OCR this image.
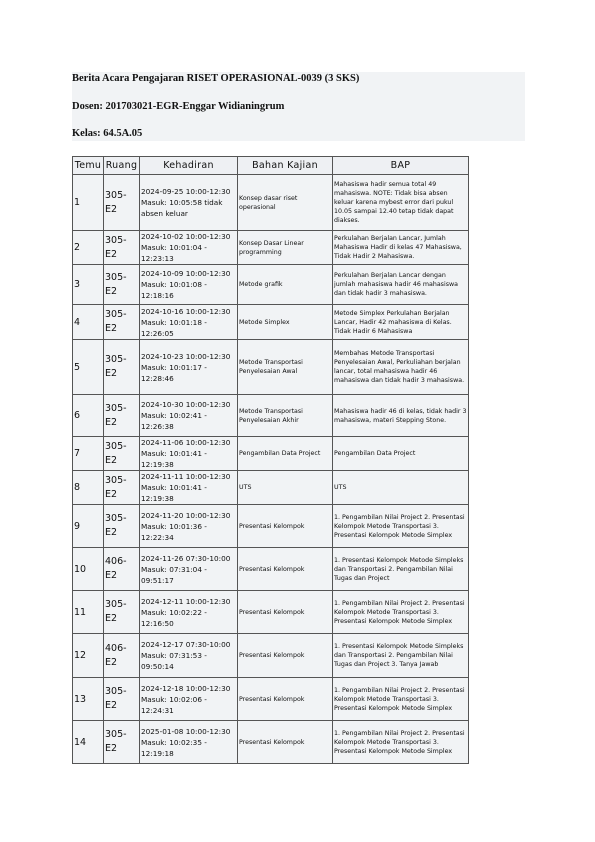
Berita Acara Pengajaran RISET OPERASIONAL-0039 (3 SKS)
Dosen: 201703021-EGR-Enggar Widianingrum
Kelas: 64.5A.05
Temu	Ruang	Kehadiran	Bahan Kajian	BAP
1	305-E2	2024-09-25 10:00-12:30 Masuk: 10:05:58 tidak absen keluar	Konsep dasar riset operasional	Mahasiswa hadir semua total 49 mahasiswa. NOTE: Tidak bisa absen keluar karena mybest error dari pukul 10.05 sampai 12.40 tetap tidak dapat diakses.
2	305-E2	2024-10-02 10:00-12:30 Masuk: 10:01:04 - 12:23:13	Konsep Dasar Linear programming	Perkulahan Berjalan Lancar, Jumlah Mahasiswa Hadir di kelas 47 Mahasiswa, Tidak Hadir 2 Mahasiswa.
3	305-E2	2024-10-09 10:00-12:30 Masuk: 10:01:08 - 12:18:16	Metode grafik	Perkulahan Berjalan Lancar dengan jumlah mahasiswa hadir 46 mahasiswa dan tidak hadir 3 mahasiswa.
4	305-E2	2024-10-16 10:00-12:30 Masuk: 10:01:18 - 12:26:05	Metode Simplex	Metode Simplex Perkulahan Berjalan Lancar, Hadir 42 mahasiswa di Kelas. Tidak Hadir 6 Mahasiswa
5	305-E2	2024-10-23 10:00-12:30 Masuk: 10:01:17 - 12:28:46	Metode Transportasi Penyelesaian Awal	Membahas Metode Transportasi Penyelesaian Awal, Perkuliahan berjalan lancar, total mahasiswa hadir 46 mahasiswa dan tidak hadir 3 mahasiswa.
6	305-E2	2024-10-30 10:00-12:30 Masuk: 10:02:41 - 12:26:38	Metode Transportasi Penyelesaian Akhir	Mahasiswa hadir 46 di kelas, tidak hadir 3 mahasiswa, materi Stepping Stone.
7	305-E2	2024-11-06 10:00-12:30 Masuk: 10:01:41 - 12:19:38	Pengambilan Data Project	Pengambilan Data Project
8	305-E2	2024-11-11 10:00-12:30 Masuk: 10:01:41 - 12:19:38	UTS	UTS
9	305-E2	2024-11-20 10:00-12:30 Masuk: 10:01:36 - 12:22:34	Presentasi Kelompok	1. Pengambilan Nilai Project 2. Presentasi Kelompok Metode Transportasi 3. Presentasi Kelompok Metode Simplex
10	406-E2	2024-11-26 07:30-10:00 Masuk: 07:31:04 - 09:51:17	Presentasi Kelompok	1. Presentasi Kelompok Metode Simpleks dan Transportasi 2. Pengambilan Nilai Tugas dan Project
11	305-E2	2024-12-11 10:00-12:30 Masuk: 10:02:22 - 12:16:50	Presentasi Kelompok	1. Pengambilan Nilai Project 2. Presentasi Kelompok Metode Transportasi 3. Presentasi Kelompok Metode Simplex
12	406-E2	2024-12-17 07:30-10:00 Masuk: 07:31:53 - 09:50:14	Presentasi Kelompok	1. Presentasi Kelompok Metode Simpleks dan Transportasi 2. Pengambilan Nilai Tugas dan Project 3. Tanya Jawab
13	305-E2	2024-12-18 10:00-12:30 Masuk: 10:02:06 - 12:24:31	Presentasi Kelompok	1. Pengambilan Nilai Project 2. Presentasi Kelompok Metode Transportasi 3. Presentasi Kelompok Metode Simplex
14	305-E2	2025-01-08 10:00-12:30 Masuk: 10:02:35 - 12:19:18	Presentasi Kelompok	1. Pengambilan Nilai Project 2. Presentasi Kelompok Metode Transportasi 3. Presentasi Kelompok Metode Simplex
